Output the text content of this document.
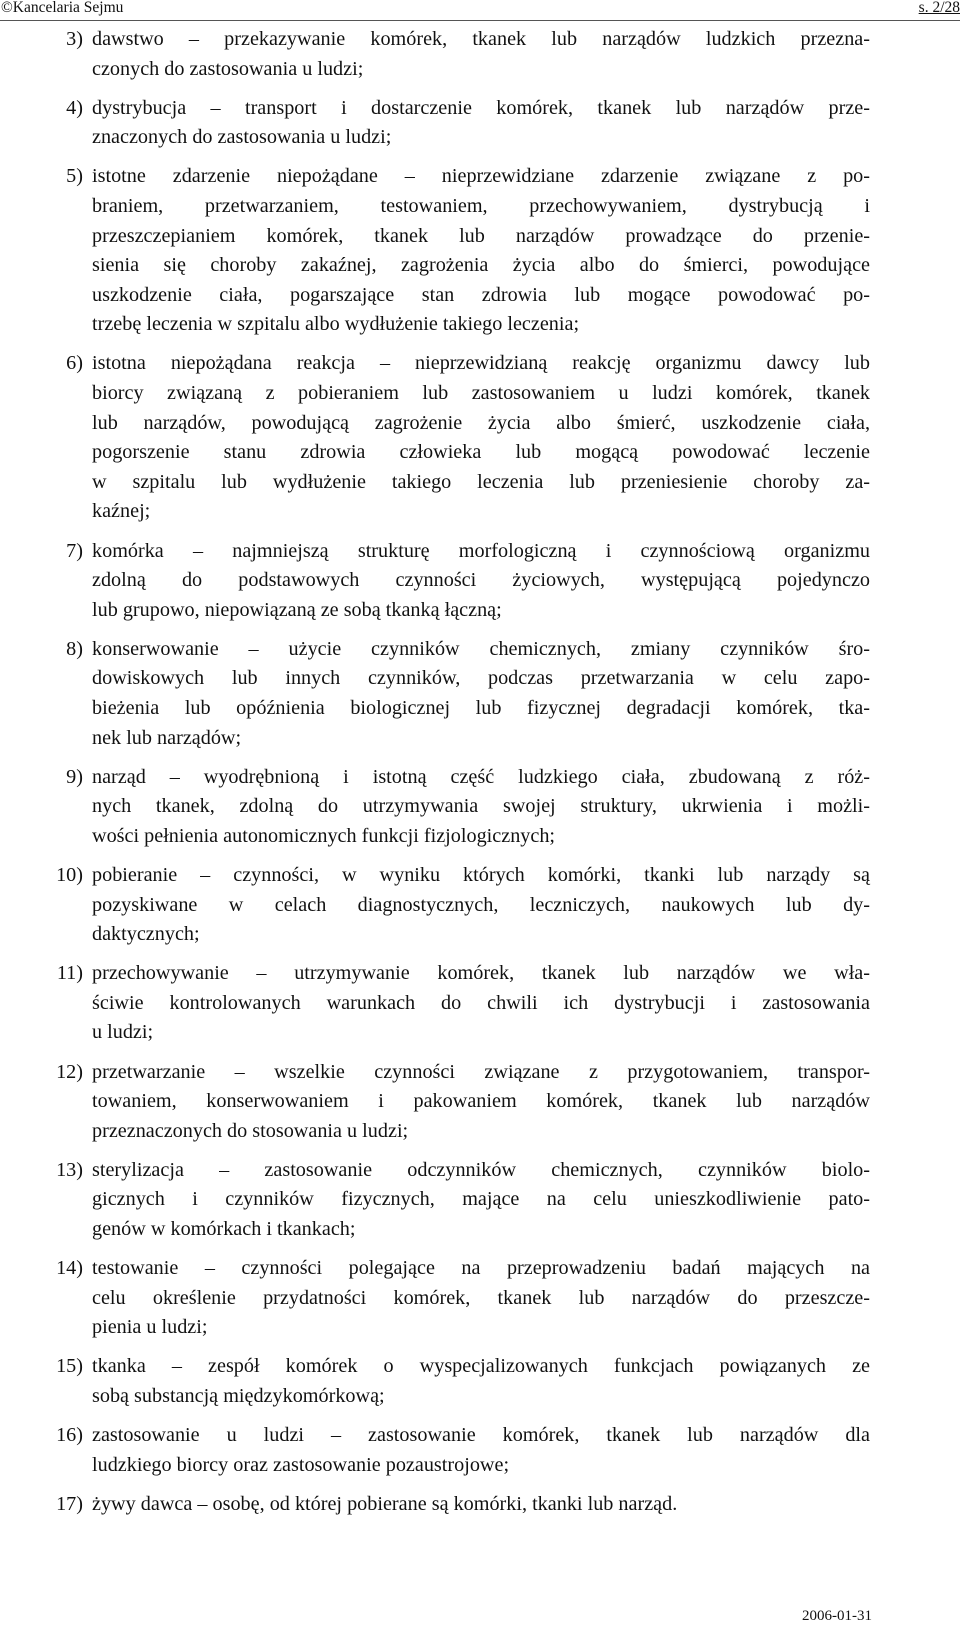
©Kancelaria Sejmu	s. 2/28
3) dawstwo – przekazywanie komórek, tkanek lub narządów ludzkich przezna-
czonych do zastosowania u ludzi;
4) dystrybucja – transport i dostarczenie komórek, tkanek lub narządów prze-
znaczonych do zastosowania u ludzi;
5) istotne zdarzenie niepożądane – nieprzewidziane zdarzenie związane z po-
braniem, przetwarzaniem, testowaniem, przechowywaniem, dystrybucją i
przeszczepianiem komórek, tkanek lub narządów prowadzące do przenie-
sienia się choroby zakaźnej, zagrożenia życia albo do śmierci, powodujące
uszkodzenie ciała, pogarszające stan zdrowia lub mogące powodować po-
trzebę leczenia w szpitalu albo wydłużenie takiego leczenia;
6) istotna niepożądana reakcja – nieprzewidzianą reakcję organizmu dawcy lub
biorcy związaną z pobieraniem lub zastosowaniem u ludzi komórek, tkanek
lub narządów, powodującą zagrożenie życia albo śmierć, uszkodzenie ciała,
pogorszenie stanu zdrowia człowieka lub mogącą powodować leczenie
w szpitalu lub wydłużenie takiego leczenia lub przeniesienie choroby za-
kaźnej;
7) komórka – najmniejszą strukturę morfologiczną i czynnościową organizmu
zdolną do podstawowych czynności życiowych, występującą pojedynczo
lub grupowo, niepowiązaną ze sobą tkanką łączną;
8) konserwowanie – użycie czynników chemicznych, zmiany czynników śro-
dowiskowych lub innych czynników, podczas przetwarzania w celu zapo-
bieżenia lub opóźnienia biologicznej lub fizycznej degradacji komórek, tka-
nek lub narządów;
9) narząd – wyodrębnioną i istotną część ludzkiego ciała, zbudowaną z róż-
nych tkanek, zdolną do utrzymywania swojej struktury, ukrwienia i możli-
wości pełnienia autonomicznych funkcji fizjologicznych;
10) pobieranie – czynności, w wyniku których komórki, tkanki lub narządy są
pozyskiwane w celach diagnostycznych, leczniczych, naukowych lub dy-
daktycznych;
11) przechowywanie – utrzymywanie komórek, tkanek lub narządów we wła-
ściwie kontrolowanych warunkach do chwili ich dystrybucji i zastosowania
u ludzi;
12) przetwarzanie – wszelkie czynności związane z przygotowaniem, transpor-
towaniem, konserwowaniem i pakowaniem komórek, tkanek lub narządów
przeznaczonych do stosowania u ludzi;
13) sterylizacja – zastosowanie odczynników chemicznych, czynników biolo-
gicznych i czynników fizycznych, mające na celu unieszkodliwienie pato-
genów w komórkach i tkankach;
14) testowanie – czynności polegające na przeprowadzeniu badań mających na
celu określenie przydatności komórek, tkanek lub narządów do przeszcze-
pienia u ludzi;
15) tkanka – zespół komórek o wyspecjalizowanych funkcjach powiązanych ze
sobą substancją międzykomórkową;
16) zastosowanie u ludzi – zastosowanie komórek, tkanek lub narządów dla
ludzkiego biorcy oraz zastosowanie pozaustrojowe;
17) żywy dawca – osobę, od której pobierane są komórki, tkanki lub narząd.
2006-01-31
